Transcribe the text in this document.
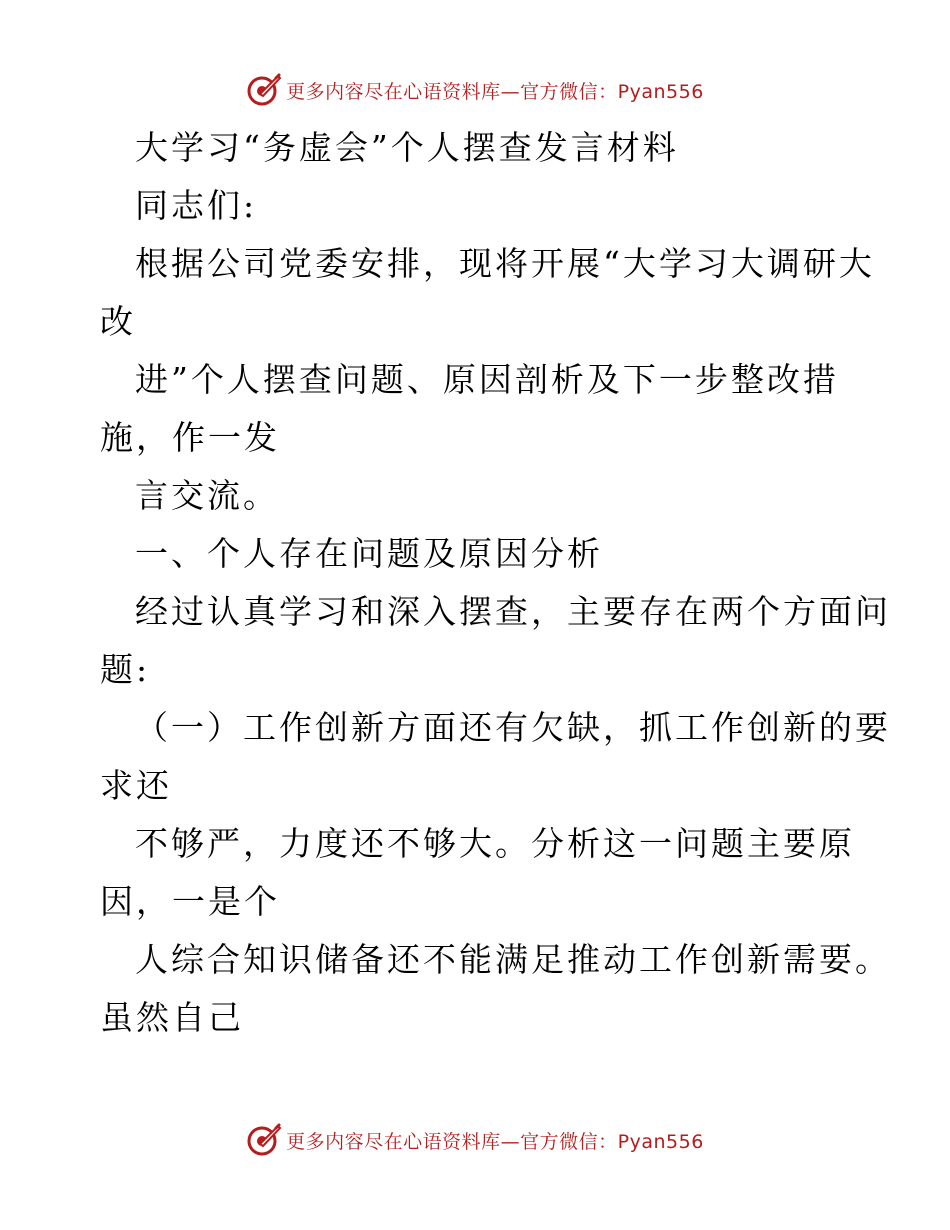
更多内容尽在心语资料库—官方微信：Pyan556
大学习“务虚会”个人摆查发言材料
同志们:
根据公司党委安排，现将开展“大学习大调研大
改
进”个人摆查问题、原因剖析及下一步整改措
施，作一发
言交流。
一、个人存在问题及原因分析
经过认真学习和深入摆查，主要存在两个方面问
题:
（一）工作创新方面还有欠缺，抓工作创新的要
求还
不够严，力度还不够大。分析这一问题主要原
因，一是个
人综合知识储备还不能满足推动工作创新需要。
虽然自己
更多内容尽在心语资料库—官方微信：Pyan556
